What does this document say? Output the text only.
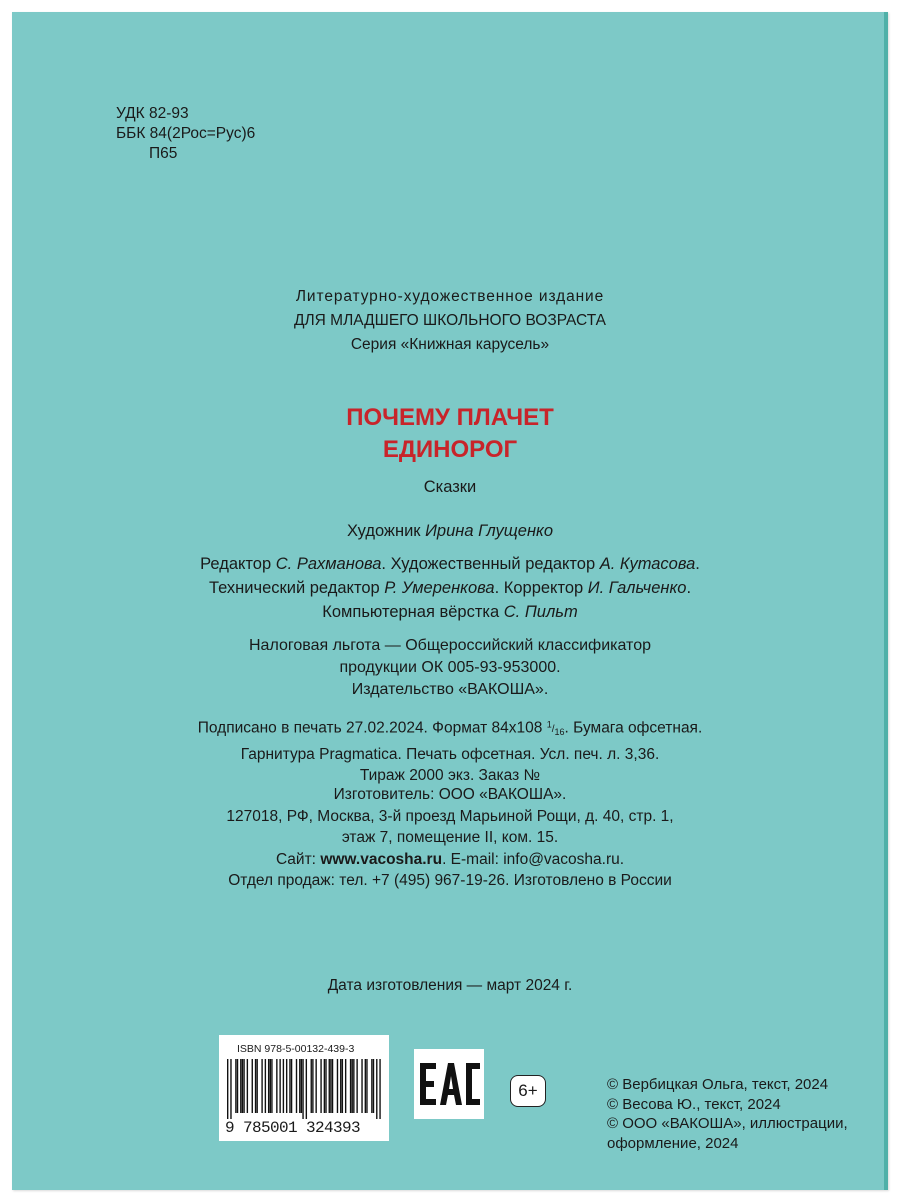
УДК 82-93
ББК 84(2Рос=Рус)6
П65
Литературно-художественное издание
ДЛЯ МЛАДШЕГО ШКОЛЬНОГО ВОЗРАСТА
Серия «Книжная карусель»
ПОЧЕМУ ПЛАЧЕТ
ЕДИНОРОГ
Сказки
Художник Ирина Глущенко
Редактор С. Рахманова. Художественный редактор А. Кутасова.
Технический редактор Р. Умеренкова. Корректор И. Гальченко.
Компьютерная вёрстка С. Пильт
Налоговая льгота — Общероссийский классификатор
продукции ОК 005-93-953000.
Издательство «ВАКОША».
Подписано в печать 27.02.2024. Формат 84x108 $^1/_{16}$. Бумага офсетная.
Гарнитура Pragmatica. Печать офсетная. Усл. печ. л. 3,36.
Тираж 2000 экз. Заказ №
Изготовитель: ООО «ВАКОША».
127018, РФ, Москва, 3-й проезд Марьиной Рощи, д. 40, стр. 1,
этаж 7, помещение II, ком. 15.
Сайт: www.vacosha.ru. E-mail: info@vacosha.ru.
Отдел продаж: тел. +7 (495) 967-19-26. Изготовлено в России
Дата изготовления — март 2024 г.
ISBN 978-5-00132-439-3
9 785001 324393
6+	© Вербицкая Ольга, текст, 2024
© Весова Ю., текст, 2024
© ООО «ВАКОША», иллюстрации,
оформление, 2024
